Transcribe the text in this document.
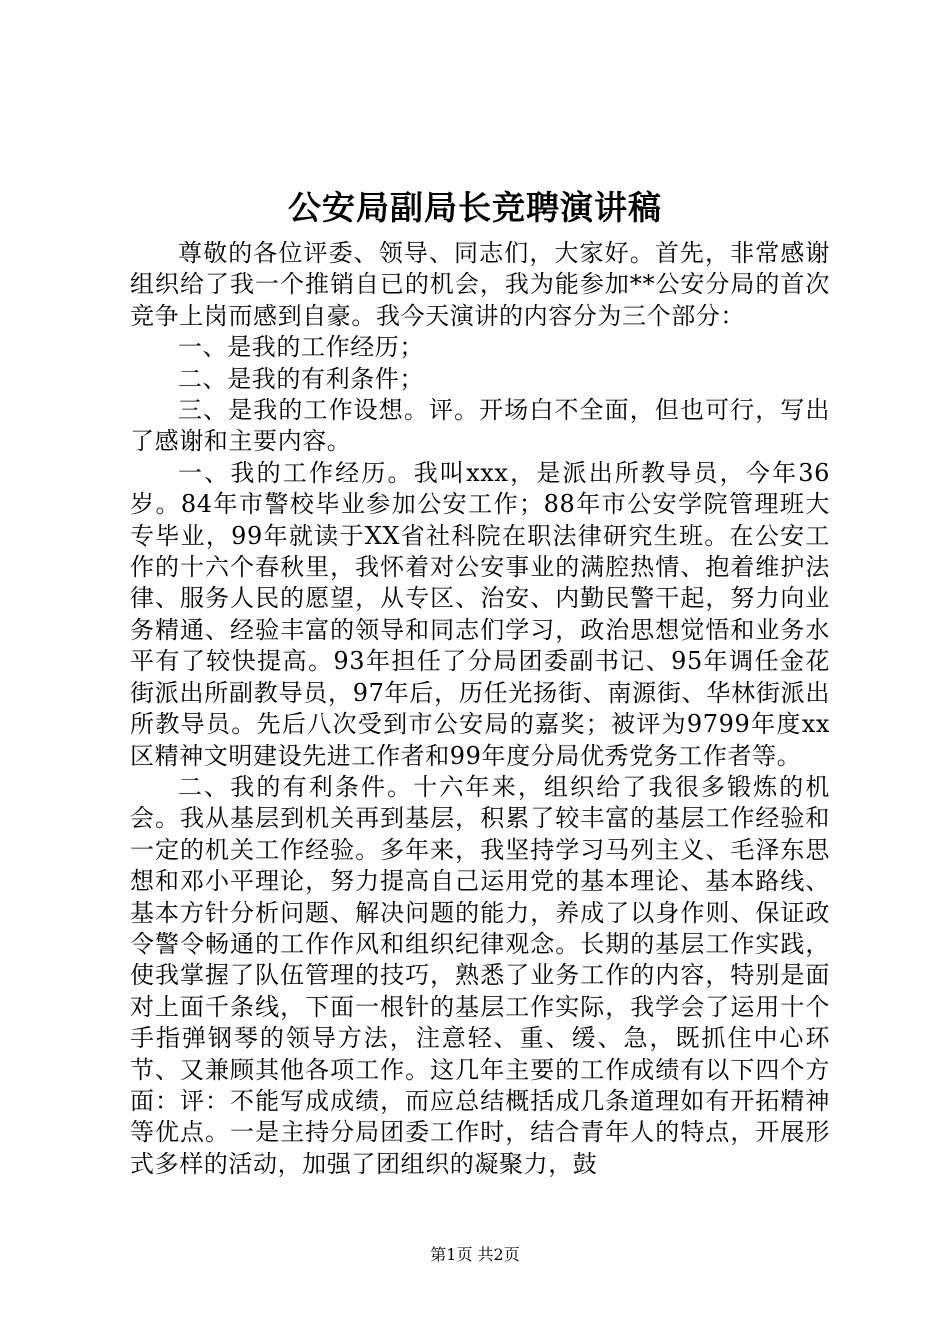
公安局副局长竞聘演讲稿

尊敬的各位评委、领导、同志们，大家好。首先，非常感谢组织给了我一个推销自已的机会，我为能参加**公安分局的首次竞争上岗而感到自豪。我今天演讲的内容分为三个部分：

一、是我的工作经历；

二、是我的有利条件；

三、是我的工作设想。评。开场白不全面，但也可行，写出了感谢和主要内容。

一、我的工作经历。我叫xxx，是派出所教导员，今年36岁。84年市警校毕业参加公安工作；88年市公安学院管理班大专毕业，99年就读于XX省社科院在职法律研究生班。在公安工作的十六个春秋里，我怀着对公安事业的满腔热情、抱着维护法律、服务人民的愿望，从专区、治安、内勤民警干起，努力向业务精通、经验丰富的领导和同志们学习，政治思想觉悟和业务水平有了较快提高。93年担任了分局团委副书记、95年调任金花街派出所副教导员，97年后，历任光扬街、南源街、华林街派出所教导员。先后八次受到市公安局的嘉奖；被评为9799年度xx区精神文明建设先进工作者和99年度分局优秀党务工作者等。

二、我的有利条件。十六年来，组织给了我很多锻炼的机会。我从基层到机关再到基层，积累了较丰富的基层工作经验和一定的机关工作经验。多年来，我坚持学习马列主义、毛泽东思想和邓小平理论，努力提高自己运用党的基本理论、基本路线、基本方针分析问题、解决问题的能力，养成了以身作则、保证政令警令畅通的工作作风和组织纪律观念。长期的基层工作实践，使我掌握了队伍管理的技巧，熟悉了业务工作的内容，特别是面对上面千条线，下面一根针的基层工作实际，我学会了运用十个手指弹钢琴的领导方法，注意轻、重、缓、急，既抓住中心环节、又兼顾其他各项工作。这几年主要的工作成绩有以下四个方面：评：不能写成成绩，而应总结概括成几条道理如有开拓精神等优点。一是主持分局团委工作时，结合青年人的特点，开展形式多样的活动，加强了团组织的凝聚力，鼓

第1页 共2页
